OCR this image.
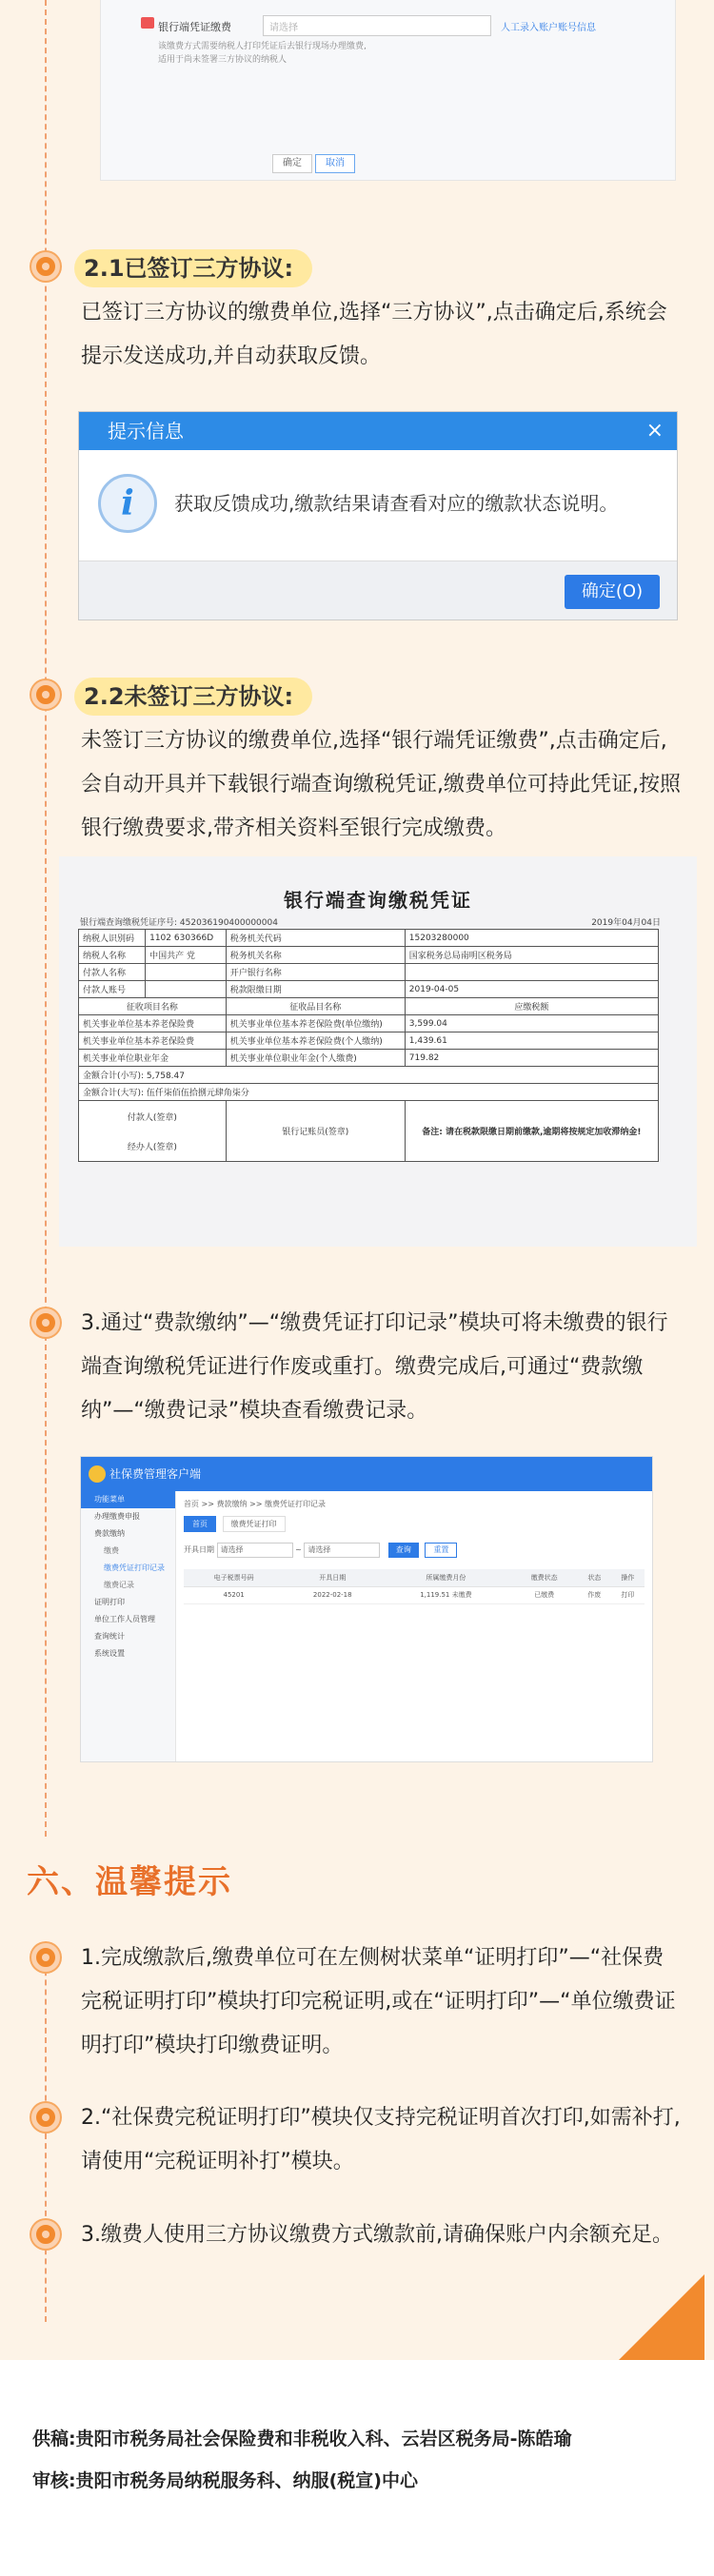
银行端凭证缴费	请选择	人工录入账户账号信息
该缴费方式需要纳税人打印凭证后去银行现场办理缴费,
适用于尚未签署三方协议的纳税人
确定	取消
2.1已签订三方协议:
已签订三方协议的缴费单位,选择“三方协议”,点击确定后,系统会提示发送成功,并自动获取反馈。
提示信息	×
i	获取反馈成功,缴款结果请查看对应的缴款状态说明。
确定(O)
2.2未签订三方协议:
未签订三方协议的缴费单位,选择“银行端凭证缴费”,点击确定后,会自动开具并下载银行端查询缴税凭证,缴费单位可持此凭证,按照银行缴费要求,带齐相关资料至银行完成缴费。
银行端查询缴税凭证
银行端查询缴税凭证序号: 452036190400000004	2019年04月04日
纳税人识别码	1102 630366D	税务机关代码	15203280000
纳税人名称	中国共产 党	税务机关名称	国家税务总局南明区税务局
付款人名称		开户银行名称	
付款人账号		税款限缴日期	2019-04-05
征收项目名称		征收品目名称	应缴税额
机关事业单位基本养老保险费		机关事业单位基本养老保险费(单位缴纳)	3,599.04
机关事业单位基本养老保险费		机关事业单位基本养老保险费(个人缴纳)	1,439.61
机关事业单位职业年金		机关事业单位职业年金(个人缴费)	719.82
金额合计(小写): 5,758.47			
金额合计(大写): 伍仟柒佰伍拾捌元肆角柒分			

付款人(签章)
经办人(签章)		银行记账员(签章)	备注: 请在税款限缴日期前缴款,逾期将按规定加收滞纳金!
3.通过“费款缴纳”—“缴费凭证打印记录”模块可将未缴费的银行端查询缴税凭证进行作废或重打。缴费完成后,可通过“费款缴纳”—“缴费记录”模块查看缴费记录。
社保费管理客户端
功能菜单
办理缴费申报
费款缴纳
缴费
缴费凭证打印记录
缴费记录
证明打印
单位工作人员管理
查询统计
系统设置
首页 >> 费款缴纳 >> 缴费凭证打印记录
首页	缴费凭证打印
开具日期 请选择	~ 请选择	查询	重置
电子税票号码	开具日期	所属缴费月份	缴费状态	状态	操作
45201	2022-02-18	1,119.51 未缴费	已缴费	作废	打印
六、温馨提示
1.完成缴款后,缴费单位可在左侧树状菜单“证明打印”—“社保费完税证明打印”模块打印完税证明,或在“证明打印”—“单位缴费证明打印”模块打印缴费证明。
2.“社保费完税证明打印”模块仅支持完税证明首次打印,如需补打,请使用“完税证明补打”模块。
3.缴费人使用三方协议缴费方式缴款前,请确保账户内余额充足。

供稿:贵阳市税务局社会保险费和非税收入科、云岩区税务局-陈皓瑜

审核:贵阳市税务局纳税服务科、纳服(税宣)中心
